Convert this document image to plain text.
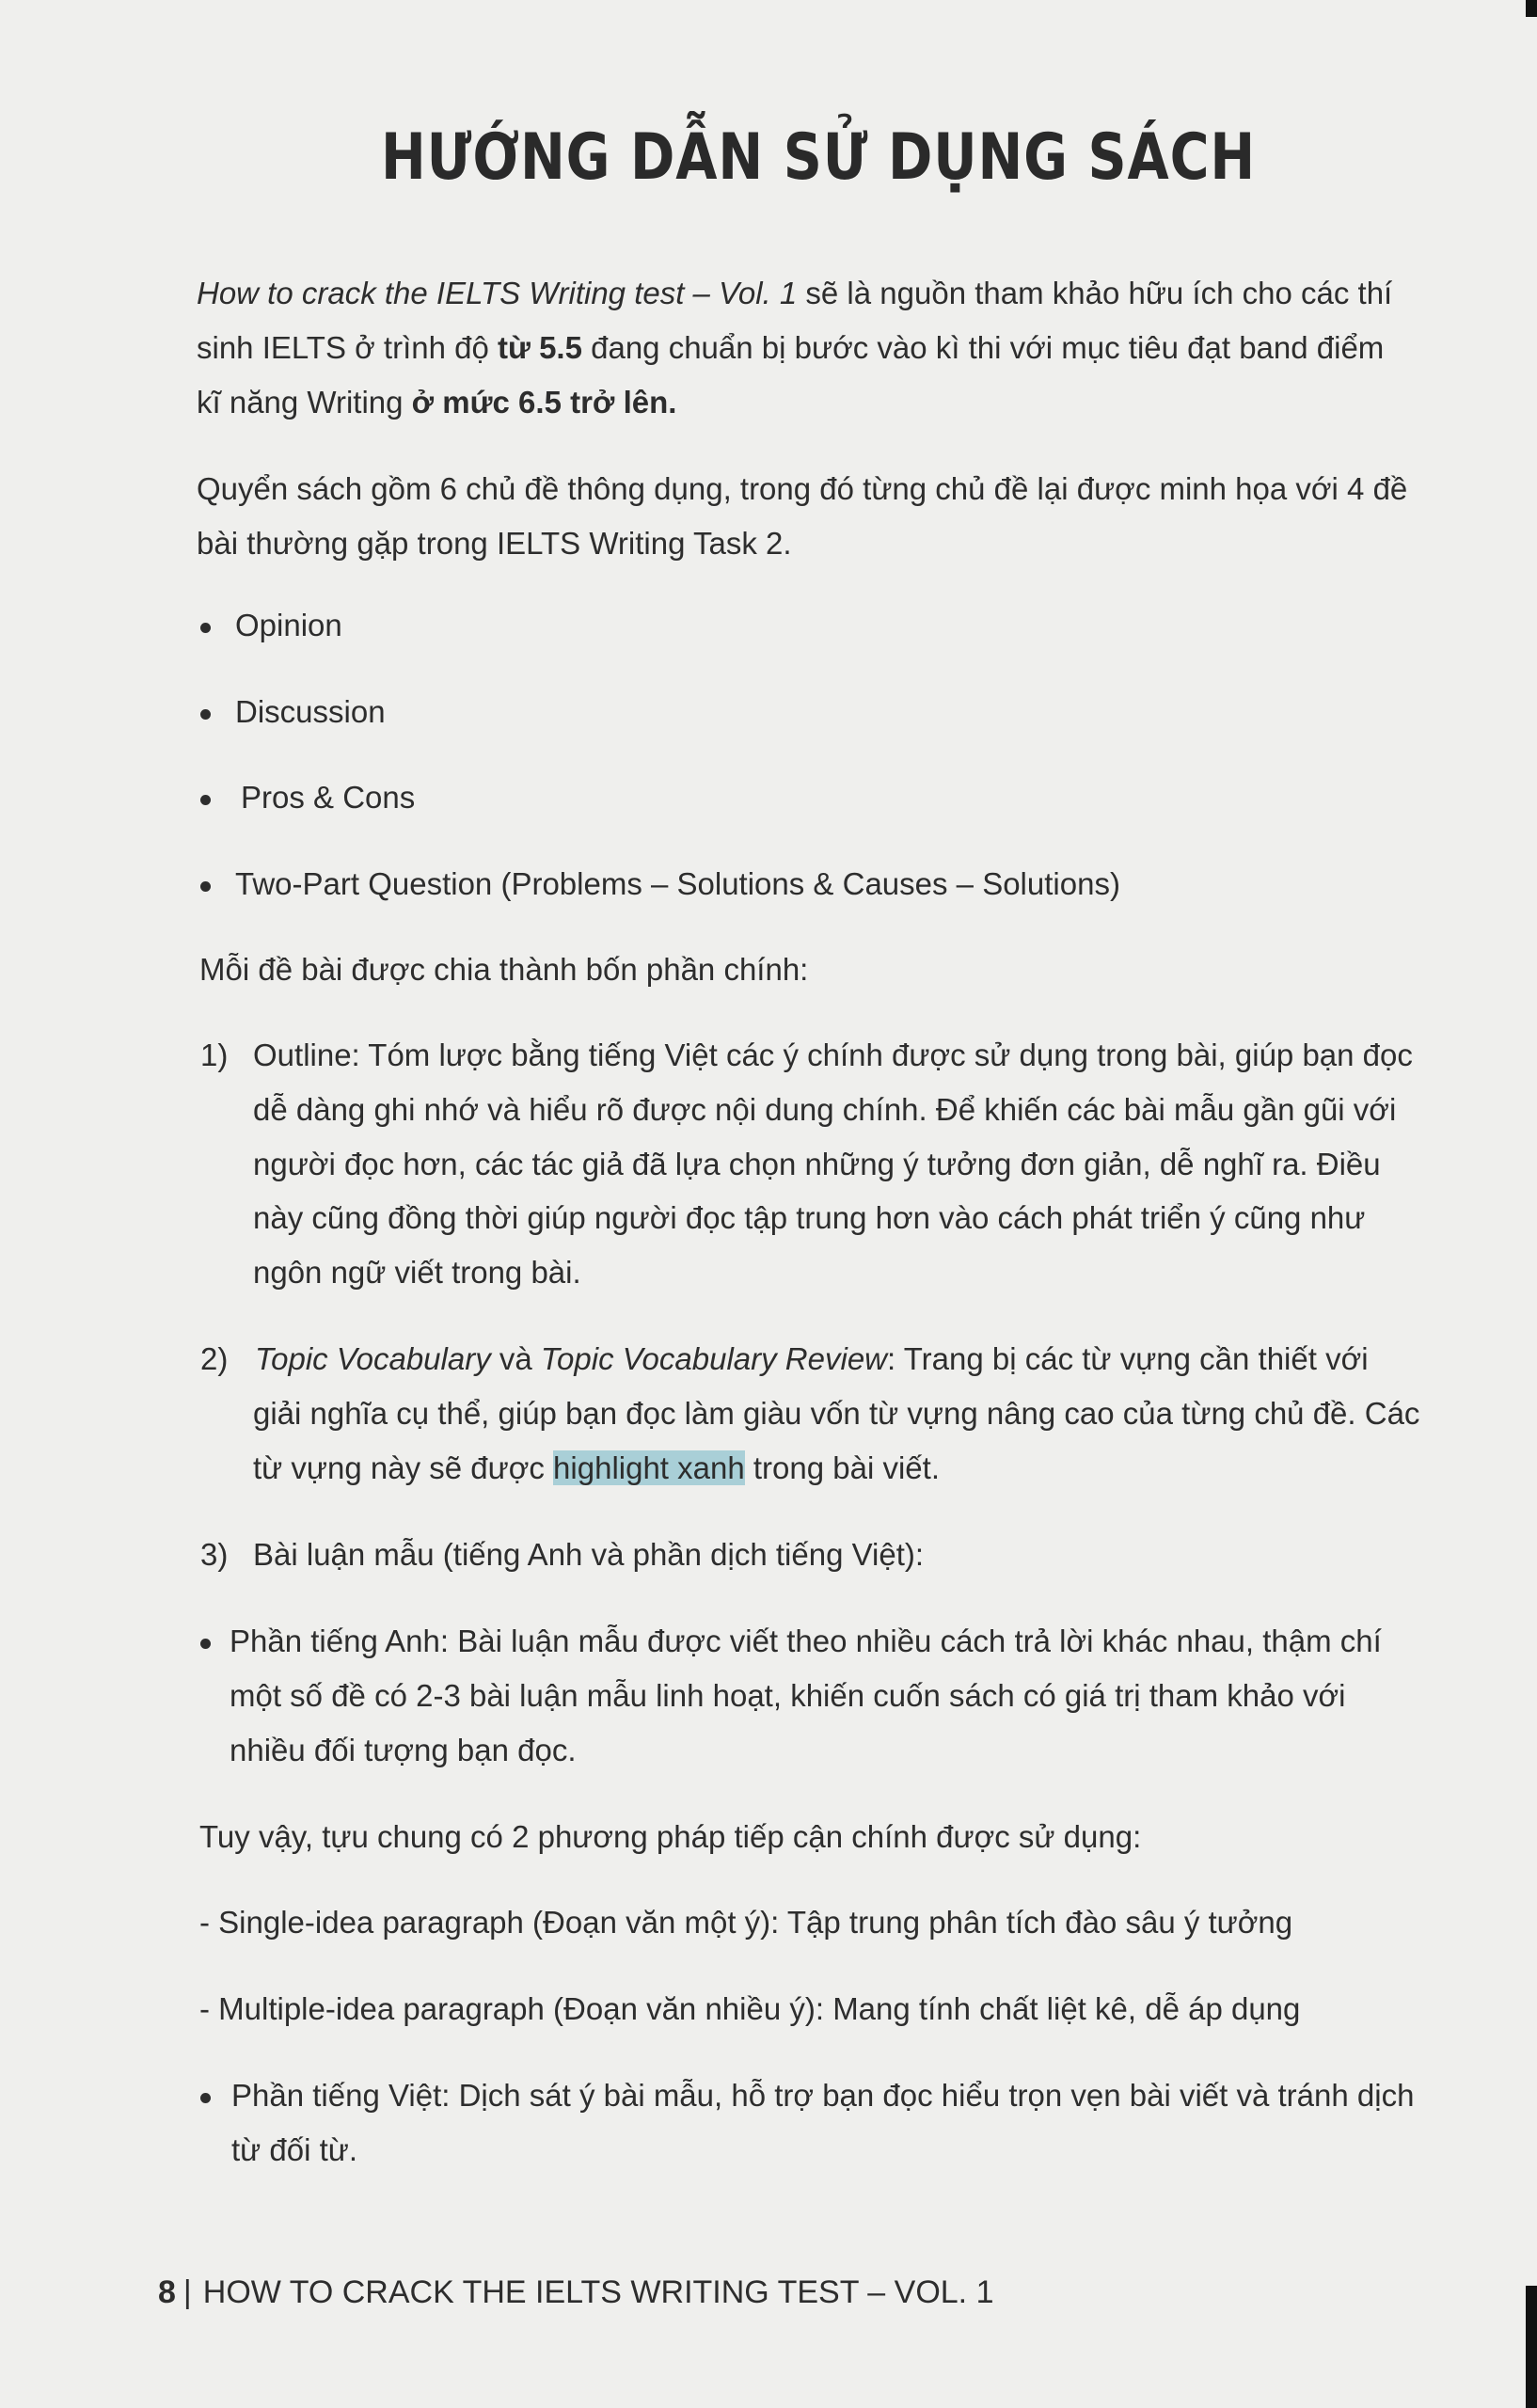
HƯỚNG DẪN SỬ DỤNG SÁCH
How to crack the IELTS Writing test – Vol. 1 sẽ là nguồn tham khảo hữu ích cho các thí
sinh IELTS ở trình độ từ 5.5 đang chuẩn bị bước vào kì thi với mục tiêu đạt band điểm
kĩ năng Writing ở mức 6.5 trở lên.
Quyển sách gồm 6 chủ đề thông dụng, trong đó từng chủ đề lại được minh họa với 4 đề
bài thường gặp trong IELTS Writing Task 2.
Opinion
Discussion
Pros & Cons
Two-Part Question (Problems – Solutions & Causes – Solutions)
Mỗi đề bài được chia thành bốn phần chính:
1) Outline: Tóm lược bằng tiếng Việt các ý chính được sử dụng trong bài, giúp bạn đọc
dễ dàng ghi nhớ và hiểu rõ được nội dung chính. Để khiến các bài mẫu gần gũi với
người đọc hơn, các tác giả đã lựa chọn những ý tưởng đơn giản, dễ nghĩ ra. Điều
này cũng đồng thời giúp người đọc tập trung hơn vào cách phát triển ý cũng như
ngôn ngữ viết trong bài.
2) Topic Vocabulary và Topic Vocabulary Review: Trang bị các từ vựng cần thiết với
giải nghĩa cụ thể, giúp bạn đọc làm giàu vốn từ vựng nâng cao của từng chủ đề. Các
từ vựng này sẽ được highlight xanh trong bài viết.
3) Bài luận mẫu (tiếng Anh và phần dịch tiếng Việt):
Phần tiếng Anh: Bài luận mẫu được viết theo nhiều cách trả lời khác nhau, thậm chí
một số đề có 2-3 bài luận mẫu linh hoạt, khiến cuốn sách có giá trị tham khảo với
nhiều đối tượng bạn đọc.
Tuy vậy, tựu chung có 2 phương pháp tiếp cận chính được sử dụng:
- Single-idea paragraph (Đoạn văn một ý): Tập trung phân tích đào sâu ý tưởng
- Multiple-idea paragraph (Đoạn văn nhiều ý): Mang tính chất liệt kê, dễ áp dụng
Phần tiếng Việt: Dịch sát ý bài mẫu, hỗ trợ bạn đọc hiểu trọn vẹn bài viết và tránh dịch
từ đối từ.
8 | HOW TO CRACK THE IELTS WRITING TEST – VOL. 1
